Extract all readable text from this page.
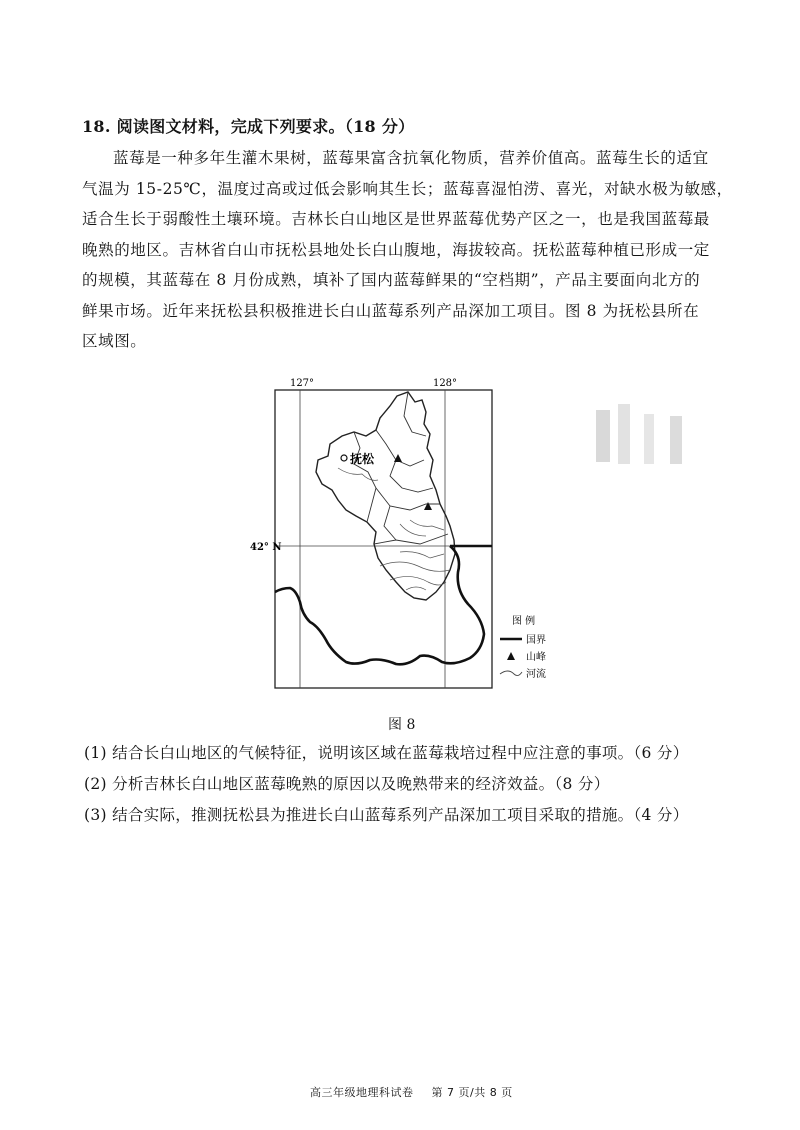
18. 阅读图文材料，完成下列要求。（18 分）
蓝莓是一种多年生灌木果树，蓝莓果富含抗氧化物质，营养价值高。蓝莓生长的适宜
气温为 15-25℃，温度过高或过低会影响其生长；蓝莓喜湿怕涝、喜光，对缺水极为敏感，
适合生长于弱酸性土壤环境。吉林长白山地区是世界蓝莓优势产区之一，也是我国蓝莓最
晚熟的地区。吉林省白山市抚松县地处长白山腹地，海拔较高。抚松蓝莓种植已形成一定
的规模，其蓝莓在 8 月份成熟，填补了国内蓝莓鲜果的“空档期”，产品主要面向北方的
鲜果市场。近年来抚松县积极推进长白山蓝莓系列产品深加工项目。图 8 为抚松县所在
区域图。
127°	128°
42° N
抚松
图 例
国界
山峰
河流
图 8
(1) 结合长白山地区的气候特征，说明该区域在蓝莓栽培过程中应注意的事项。（6 分）
(2) 分析吉林长白山地区蓝莓晚熟的原因以及晚熟带来的经济效益。（8 分）
(3) 结合实际，推测抚松县为推进长白山蓝莓系列产品深加工项目采取的措施。（4 分）
高三年级地理科试卷 第 7 页/共 8 页
